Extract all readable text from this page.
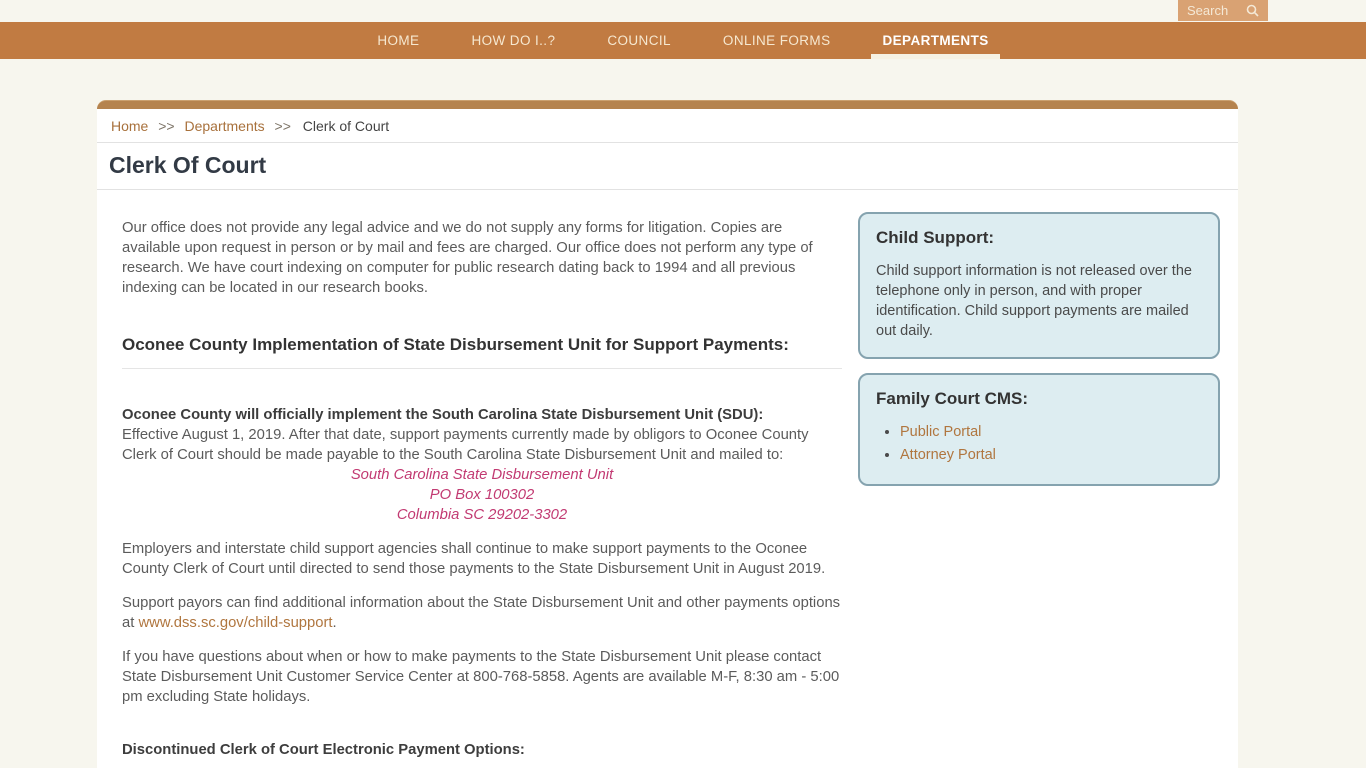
Search
HOME	HOW DO I..?	COUNCIL	ONLINE FORMS	DEPARTMENTS
Home >> Departments >> Clerk of Court
Clerk Of Court

Our office does not provide any legal advice and we do not supply any forms for litigation. Copies are available upon request in person or by mail and fees are charged. Our office does not perform any type of research. We have court indexing on computer for public research dating back to 1994 and all previous indexing can be located in our research books.

Oconee County Implementation of State Disbursement Unit for Support Payments:
Oconee County will officially implement the South Carolina State Disbursement Unit (SDU):
Effective August 1, 2019. After that date, support payments currently made by obligors to Oconee County Clerk of Court should be made payable to the South Carolina State Disbursement Unit and mailed to:
South Carolina State Disbursement Unit
PO Box 100302
Columbia SC 29202-3302

Employers and interstate child support agencies shall continue to make support payments to the Oconee County Clerk of Court until directed to send those payments to the State Disbursement Unit in August 2019.

Support payors can find additional information about the State Disbursement Unit and other payments options at www.dss.sc.gov/child-support.

If you have questions about when or how to make payments to the State Disbursement Unit please contact State Disbursement Unit Customer Service Center at 800-768-5858. Agents are available M-F, 8:30 am - 5:00 pm excluding State holidays.

Discontinued Clerk of Court Electronic Payment Options:

Child Support:
Child support information is not released over the telephone only in person, and with proper identification. Child support payments are mailed out daily.
Family Court CMS:
• Public Portal
• Attorney Portal
